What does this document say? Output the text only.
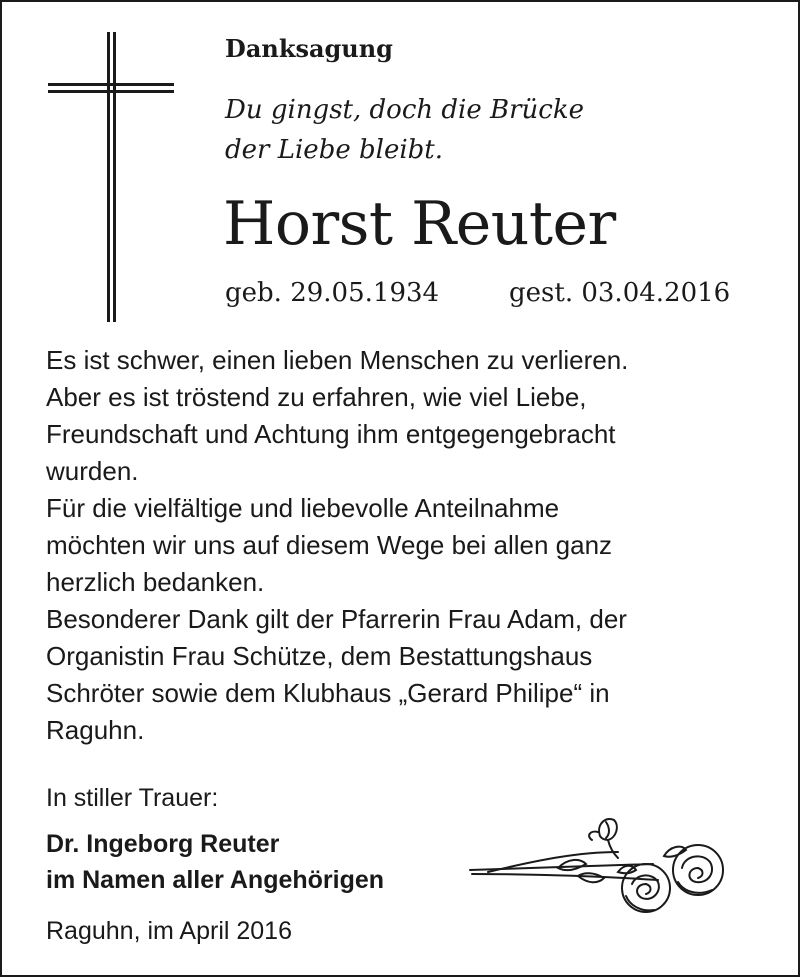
Danksagung
Du gingst, doch die Brücke
der Liebe bleibt.
Horst Reuter
geb. 29.05.1934	gest. 03.04.2016
Es ist schwer, einen lieben Menschen zu verlieren.
Aber es ist tröstend zu erfahren, wie viel Liebe,
Freundschaft und Achtung ihm entgegengebracht
wurden.
Für die vielfältige und liebevolle Anteilnahme
möchten wir uns auf diesem Wege bei allen ganz
herzlich bedanken.
Besonderer Dank gilt der Pfarrerin Frau Adam, der
Organistin Frau Schütze, dem Bestattungshaus
Schröter sowie dem Klubhaus „Gerard Philipe“ in
Raguhn.
In stiller Trauer:
Dr. Ingeborg Reuter
im Namen aller Angehörigen
Raguhn, im April 2016
